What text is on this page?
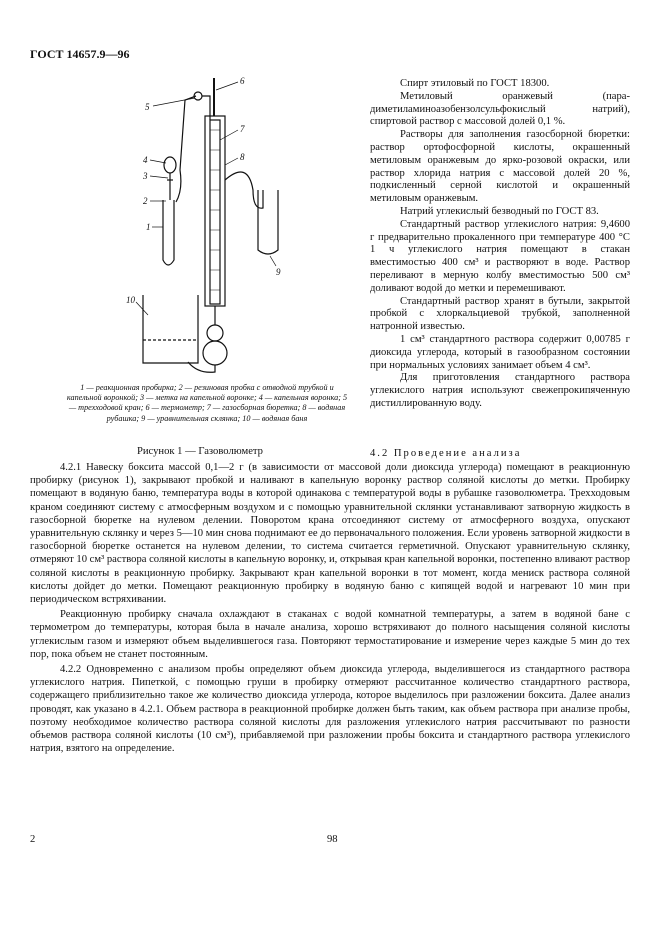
ГОСТ 14657.9—96
1
2
3
4
5
6
7
8
9
10
1 — реакционная пробирка; 2 — резиновая пробка с отводной трубкой и капельной воронкой; 3 — метка на капельной воронке; 4 — капельная воронка; 5 — трехходовой кран; 6 — термометр; 7 — газосборная бюретка; 8 — водяная рубашка; 9 — уравнительная склянка; 10 — водяная баня
Рисунок 1 — Газоволюметр

Спирт этиловый по ГОСТ 18300.

Метиловый оранжевый (пара-диметиламиноазобензолсульфокислый натрий), спиртовой раствор с массовой долей 0,1 %.

Растворы для заполнения газосборной бюретки: раствор ортофосфорной кислоты, окрашенный метиловым оранжевым до ярко-розовой окраски, или раствор хлорида натрия с массовой долей 20 %, подкисленный серной кислотой и окрашенный метиловым оранжевым.

Натрий углекислый безводный по ГОСТ 83.

Стандартный раствор углекислого натрия: 9,4600 г предварительно прокаленного при температуре 400 °С 1 ч углекислого натрия помещают в стакан вместимостью 400 см³ и растворяют в воде. Раствор переливают в мерную колбу вместимостью 500 см³ доливают водой до метки и перемешивают.

Стандартный раствор хранят в бутыли, закрытой пробкой с хлоркальциевой трубкой, заполненной натронной известью.

1 см³ стандартного раствора содержит 0,00785 г диоксида углерода, который в газообразном состоянии при нормальных условиях занимает объем 4 см³.

Для приготовления стандартного раствора углекислого натрия используют свежепрокипяченную дистиллированную воду.

4.2 Проведение анализа

4.2.1 Навеску боксита массой 0,1—2 г (в зависимости от массовой доли диоксида углерода) помещают в реакционную пробирку (рисунок 1), закрывают пробкой и наливают в капельную воронку раствор соляной кислоты до метки. Пробирку помещают в водяную баню, температура воды в которой одинакова с температурой воды в рубашке газоволюметра. Трехходовым краном соединяют систему с атмосферным воздухом и с помощью уравнительной склянки устанавливают затворную жидкость в газосборной бюретке на нулевом делении. Поворотом крана отсоединяют систему от атмосферного воздуха, опускают уравнительную склянку и через 5—10 мин снова поднимают ее до первоначального положения. Если уровень затворной жидкости в газосборной бюретке останется на нулевом делении, то система считается герметичной. Опускают уравнительную склянку, отмеряют 10 см³ раствора соляной кислоты в капельную воронку, и, открывая кран капельной воронки, постепенно вливают раствор соляной кислоты в реакционную пробирку. Закрывают кран капельной воронки в тот момент, когда мениск раствора соляной кислоты дойдет до метки. Помещают реакционную пробирку в водяную баню с кипящей водой и нагревают 10 мин при периодическом встряхивании.

Реакционную пробирку сначала охлаждают в стаканах с водой комнатной температуры, а затем в водяной бане с термометром до температуры, которая была в начале анализа, хорошо встряхивают до полного насыщения соляной кислоты углекислым газом и измеряют объем выделившегося газа. Повторяют термостатирование и измерение через каждые 5 мин до тех пор, пока объем не станет постоянным.

4.2.2 Одновременно с анализом пробы определяют объем диоксида углерода, выделившегося из стандартного раствора углекислого натрия. Пипеткой, с помощью груши в пробирку отмеряют рассчитанное количество стандартного раствора, содержащего приблизительно такое же количество диоксида углерода, которое выделилось при разложении боксита. Далее анализ проводят, как указано в 4.2.1. Объем раствора в реакционной пробирке должен быть таким, как объем раствора при анализе пробы, поэтому необходимое количество раствора соляной кислоты для разложения углекислого натрия рассчитывают по разности объемов раствора соляной кислоты (10 см³), прибавляемой при разложении пробы боксита и стандартного раствора углекислого натрия, взятого на определение.

2	98
